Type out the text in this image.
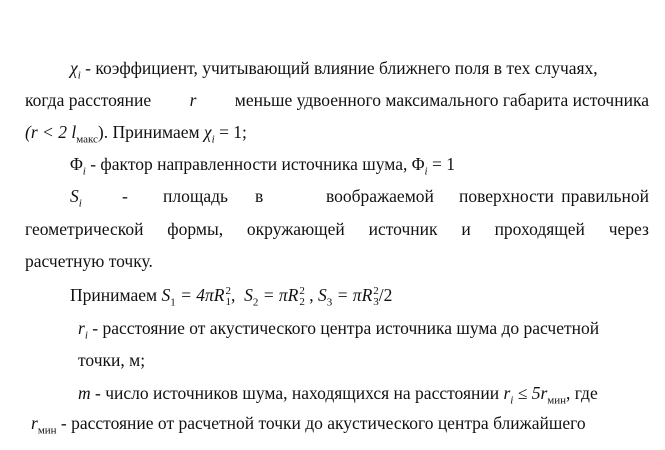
$\chi_i$ - коэффициент, учитывающий влияние ближнего поля в тех случаях,
когда расстояние r меньше удвоенного максимального габарита источника
(r < 2 $l_{макс}$). Принимаем $\chi_i = 1$;
$\Phi_i$ - фактор направленности источника шума, $\Phi_i = 1$
$S_i$ - площадь в	воображаемой поверхности правильной
геометрической формы, окружающей источник и проходящей через
расчетную точку.
Принимаем $S_1 = 4\pi R$ 2
1 ,  $S_2 = \pi R$ 2
2 , $S_3 = \pi R$ 2
3 /2
$r_i$ - расстояние от акустического центра источника шума до расчетной
точки, м;
m - число источников шума, находящихся на расстоянии $r_i \le 5r_{мин}$, где
$r_{мин}$ - расстояние от расчетной точки до акустического центра ближайшего
